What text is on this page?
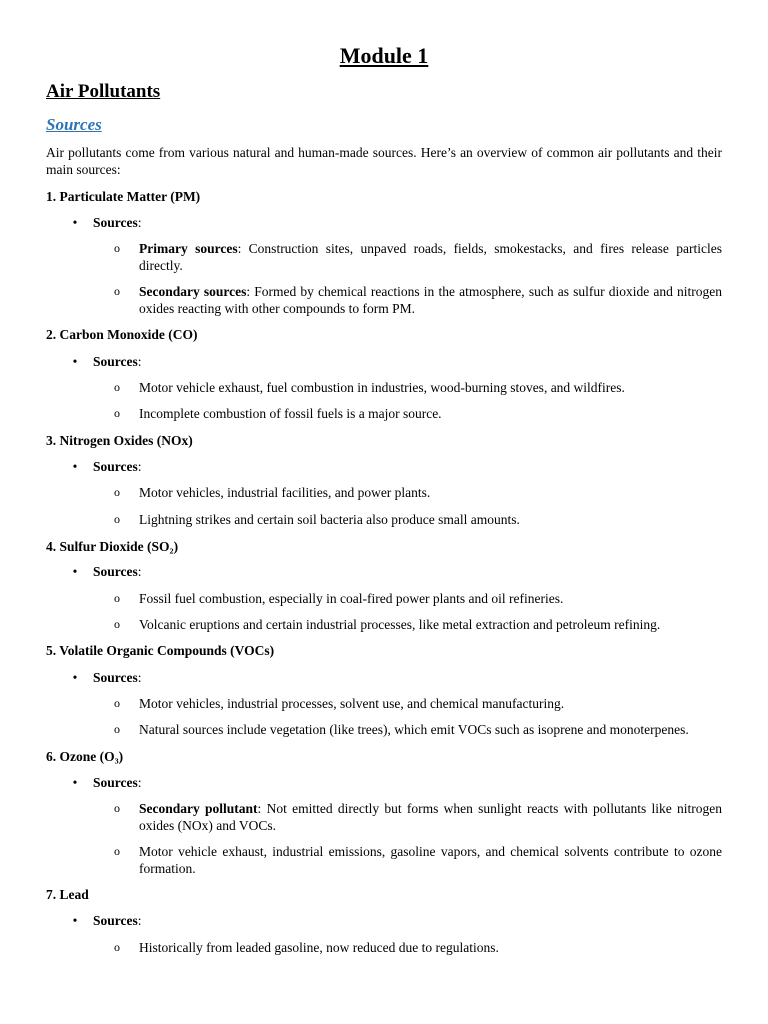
Module 1
Air Pollutants
Sources
Air pollutants come from various natural and human-made sources. Here’s an overview of common air pollutants and their main sources:
1. Particulate Matter (PM)
•	Sources:
o Primary sources: Construction sites, unpaved roads, fields, smokestacks, and fires release particles directly.
o Secondary sources: Formed by chemical reactions in the atmosphere, such as sulfur dioxide and nitrogen oxides reacting with other compounds to form PM.
2. Carbon Monoxide (CO)
•	Sources:
o Motor vehicle exhaust, fuel combustion in industries, wood-burning stoves, and wildfires.
o Incomplete combustion of fossil fuels is a major source.
3. Nitrogen Oxides (NOx)
•	Sources:
o Motor vehicles, industrial facilities, and power plants.
o Lightning strikes and certain soil bacteria also produce small amounts.
4. Sulfur Dioxide (SO₂)
•	Sources:
o Fossil fuel combustion, especially in coal-fired power plants and oil refineries.
o Volcanic eruptions and certain industrial processes, like metal extraction and petroleum refining.
5. Volatile Organic Compounds (VOCs)
•	Sources:
o Motor vehicles, industrial processes, solvent use, and chemical manufacturing.
o Natural sources include vegetation (like trees), which emit VOCs such as isoprene and monoterpenes.
6. Ozone (O₃)
•	Sources:
o Secondary pollutant: Not emitted directly but forms when sunlight reacts with pollutants like nitrogen oxides (NOx) and VOCs.
o Motor vehicle exhaust, industrial emissions, gasoline vapors, and chemical solvents contribute to ozone formation.
7. Lead
•	Sources:
o Historically from leaded gasoline, now reduced due to regulations.
